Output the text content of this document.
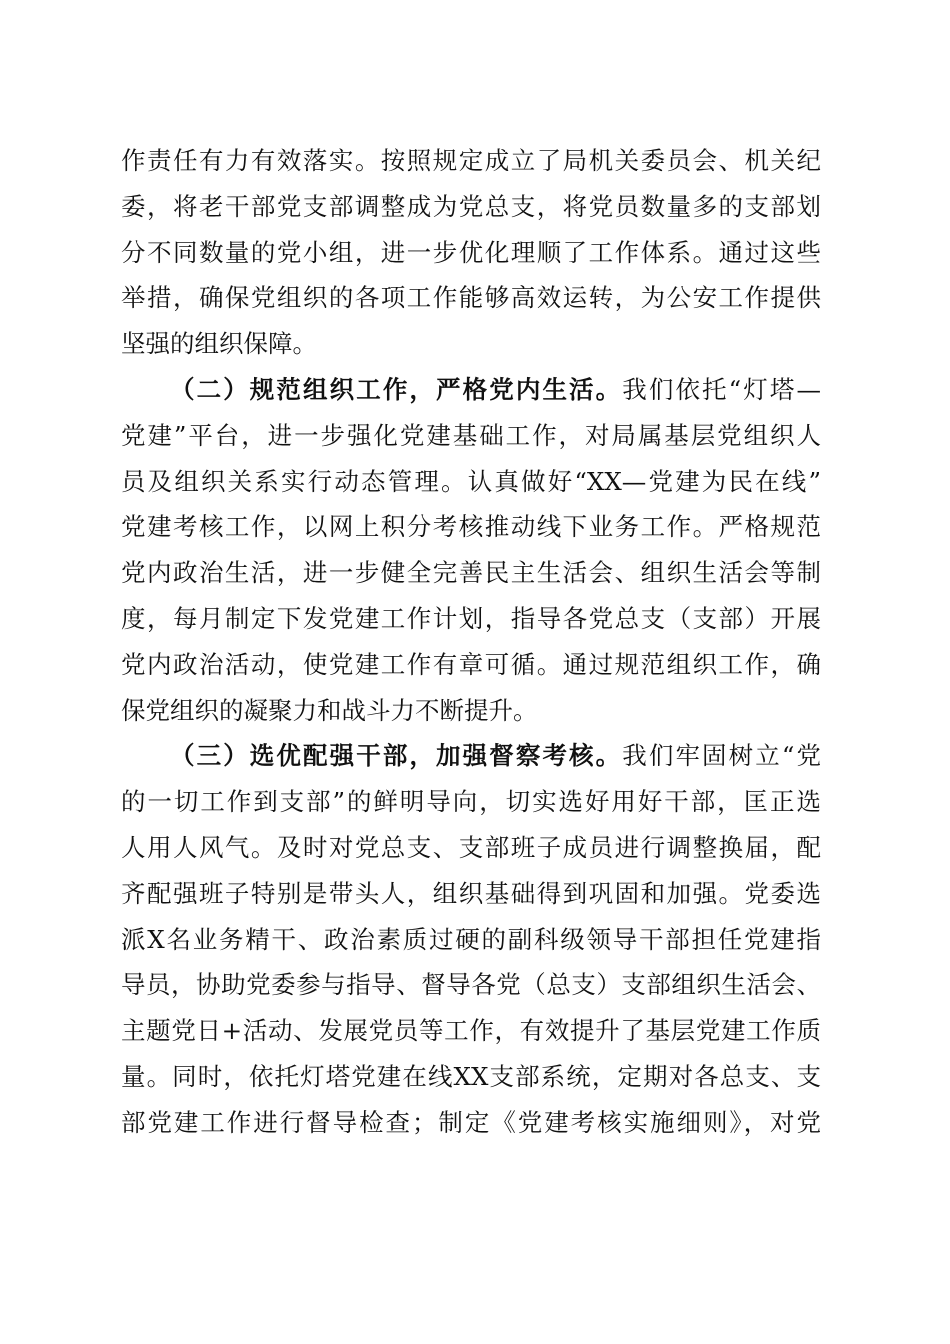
作责任有力有效落实。按照规定成立了局机关委员会、机关纪
委，将老干部党支部调整成为党总支，将党员数量多的支部划
分不同数量的党小组，进一步优化理顺了工作体系。通过这些
举措，确保党组织的各项工作能够高效运转，为公安工作提供
坚强的组织保障。
（二）规范组织工作，严格党内生活。我们依托“灯塔—
党建”平台，进一步强化党建基础工作，对局属基层党组织人
员及组织关系实行动态管理。认真做好“XX—党建为民在线”
党建考核工作，以网上积分考核推动线下业务工作。严格规范
党内政治生活，进一步健全完善民主生活会、组织生活会等制
度，每月制定下发党建工作计划，指导各党总支（支部）开展
党内政治活动，使党建工作有章可循。通过规范组织工作，确
保党组织的凝聚力和战斗力不断提升。
（三）选优配强干部，加强督察考核。我们牢固树立“党
的一切工作到支部”的鲜明导向，切实选好用好干部，匡正选
人用人风气。及时对党总支、支部班子成员进行调整换届，配
齐配强班子特别是带头人，组织基础得到巩固和加强。党委选
派X名业务精干、政治素质过硬的副科级领导干部担任党建指
导员，协助党委参与指导、督导各党（总支）支部组织生活会、
主题党日+活动、发展党员等工作，有效提升了基层党建工作质
量。同时，依托灯塔党建在线XX支部系统，定期对各总支、支
部党建工作进行督导检查；制定《党建考核实施细则》，对党
